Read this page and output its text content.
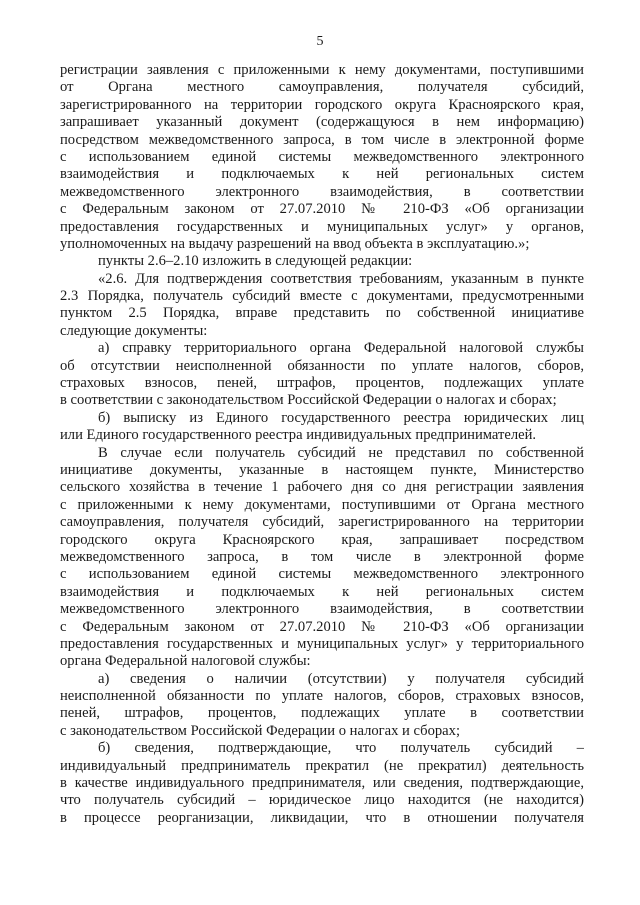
5
регистрации заявления с приложенными к нему документами, поступившими
от Органа местного самоуправления, получателя субсидий,
зарегистрированного на территории городского округа Красноярского края,
запрашивает указанный документ (содержащуюся в нем информацию)
посредством межведомственного запроса, в том числе в электронной форме
с использованием единой системы межведомственного электронного
взаимодействия и подключаемых к ней региональных систем
межведомственного электронного взаимодействия, в соответствии
с Федеральным законом от 27.07.2010 № 210-ФЗ «Об организации
предоставления государственных и муниципальных услуг» у органов,
уполномоченных на выдачу разрешений на ввод объекта в эксплуатацию.»;
пункты 2.6–2.10 изложить в следующей редакции:
«2.6. Для подтверждения соответствия требованиям, указанным в пункте
2.3 Порядка, получатель субсидий вместе с документами, предусмотренными
пунктом 2.5 Порядка, вправе представить по собственной инициативе
следующие документы:
а) справку территориального органа Федеральной налоговой службы
об отсутствии неисполненной обязанности по уплате налогов, сборов,
страховых взносов, пеней, штрафов, процентов, подлежащих уплате
в соответствии с законодательством Российской Федерации о налогах и сборах;
б) выписку из Единого государственного реестра юридических лиц
или Единого государственного реестра индивидуальных предпринимателей.
В случае если получатель субсидий не представил по собственной
инициативе документы, указанные в настоящем пункте, Министерство
сельского хозяйства в течение 1 рабочего дня со дня регистрации заявления
с приложенными к нему документами, поступившими от Органа местного
самоуправления, получателя субсидий, зарегистрированного на территории
городского округа Красноярского края, запрашивает посредством
межведомственного запроса, в том числе в электронной форме
с использованием единой системы межведомственного электронного
взаимодействия и подключаемых к ней региональных систем
межведомственного электронного взаимодействия, в соответствии
с Федеральным законом от 27.07.2010 № 210-ФЗ «Об организации
предоставления государственных и муниципальных услуг» у территориального
органа Федеральной налоговой службы:
а) сведения о наличии (отсутствии) у получателя субсидий
неисполненной обязанности по уплате налогов, сборов, страховых взносов,
пеней, штрафов, процентов, подлежащих уплате в соответствии
с законодательством Российской Федерации о налогах и сборах;
б) сведения, подтверждающие, что получатель субсидий –
индивидуальный предприниматель прекратил (не прекратил) деятельность
в качестве индивидуального предпринимателя, или сведения, подтверждающие,
что получатель субсидий – юридическое лицо находится (не находится)
в процессе реорганизации, ликвидации, что в отношении получателя
